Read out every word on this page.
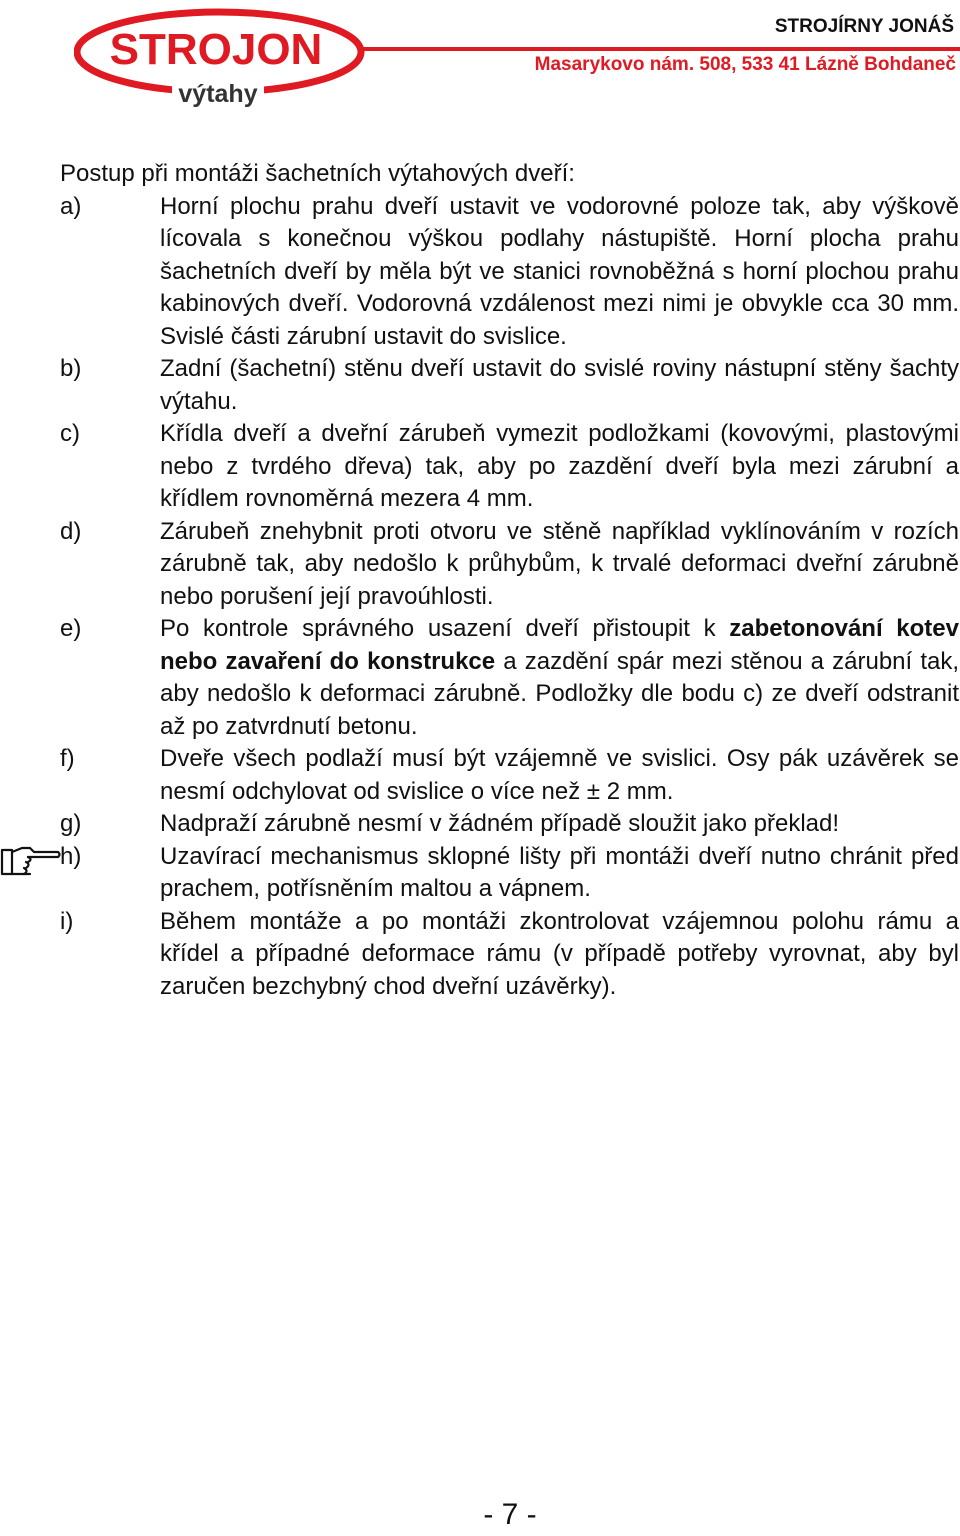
STROJON
výtahy
STROJÍRNY JONÁŠ
Masarykovo nám. 508, 533 41 Lázně Bohdaneč

Postup při montáži šachetních výtahových dveří:

a)	Horní plochu prahu dveří ustavit ve vodorovné poloze tak, aby výškově lícovala s konečnou výškou podlahy nástupiště. Horní plocha prahu šachetních dveří by měla být ve stanici rovnoběžná s horní plochou prahu kabinových dveří. Vodorovná vzdálenost mezi nimi je obvykle cca 30 mm. Svislé části zárubní ustavit do svislice.
b)	Zadní (šachetní) stěnu dveří ustavit do svislé roviny nástupní stěny šachty výtahu.
c)	Křídla dveří a dveřní zárubeň vymezit podložkami (kovovými, plastovými nebo z tvrdého dřeva) tak, aby po zazdění dveří byla mezi zárubní a křídlem rovnoměrná mezera 4 mm.
d)	Zárubeň znehybnit proti otvoru ve stěně například vyklínováním v rozích zárubně tak, aby nedošlo k průhybům, k trvalé deformaci dveřní zárubně nebo porušení její pravoúhlosti.
e)	Po kontrole správného usazení dveří přistoupit k zabetonování kotev nebo zavaření do konstrukce a zazdění spár mezi stěnou a zárubní tak, aby nedošlo k deformaci zárubně. Podložky dle bodu c) ze dveří odstranit až po zatvrdnutí betonu.
f)	Dveře všech podlaží musí být vzájemně ve svislici. Osy pák uzávěrek se nesmí odchylovat od svislice o více než ± 2 mm.
g)	Nadpraží zárubně nesmí v žádném případě sloužit jako překlad!
h)	Uzavírací mechanismus sklopné lišty při montáži dveří nutno chránit před prachem, potřísněním maltou a vápnem.
i)	Během montáže a po montáži zkontrolovat vzájemnou polohu rámu a křídel a případné deformace rámu (v případě potřeby vyrovnat, aby byl zaručen bezchybný chod dveřní uzávěrky).
- 7 -
